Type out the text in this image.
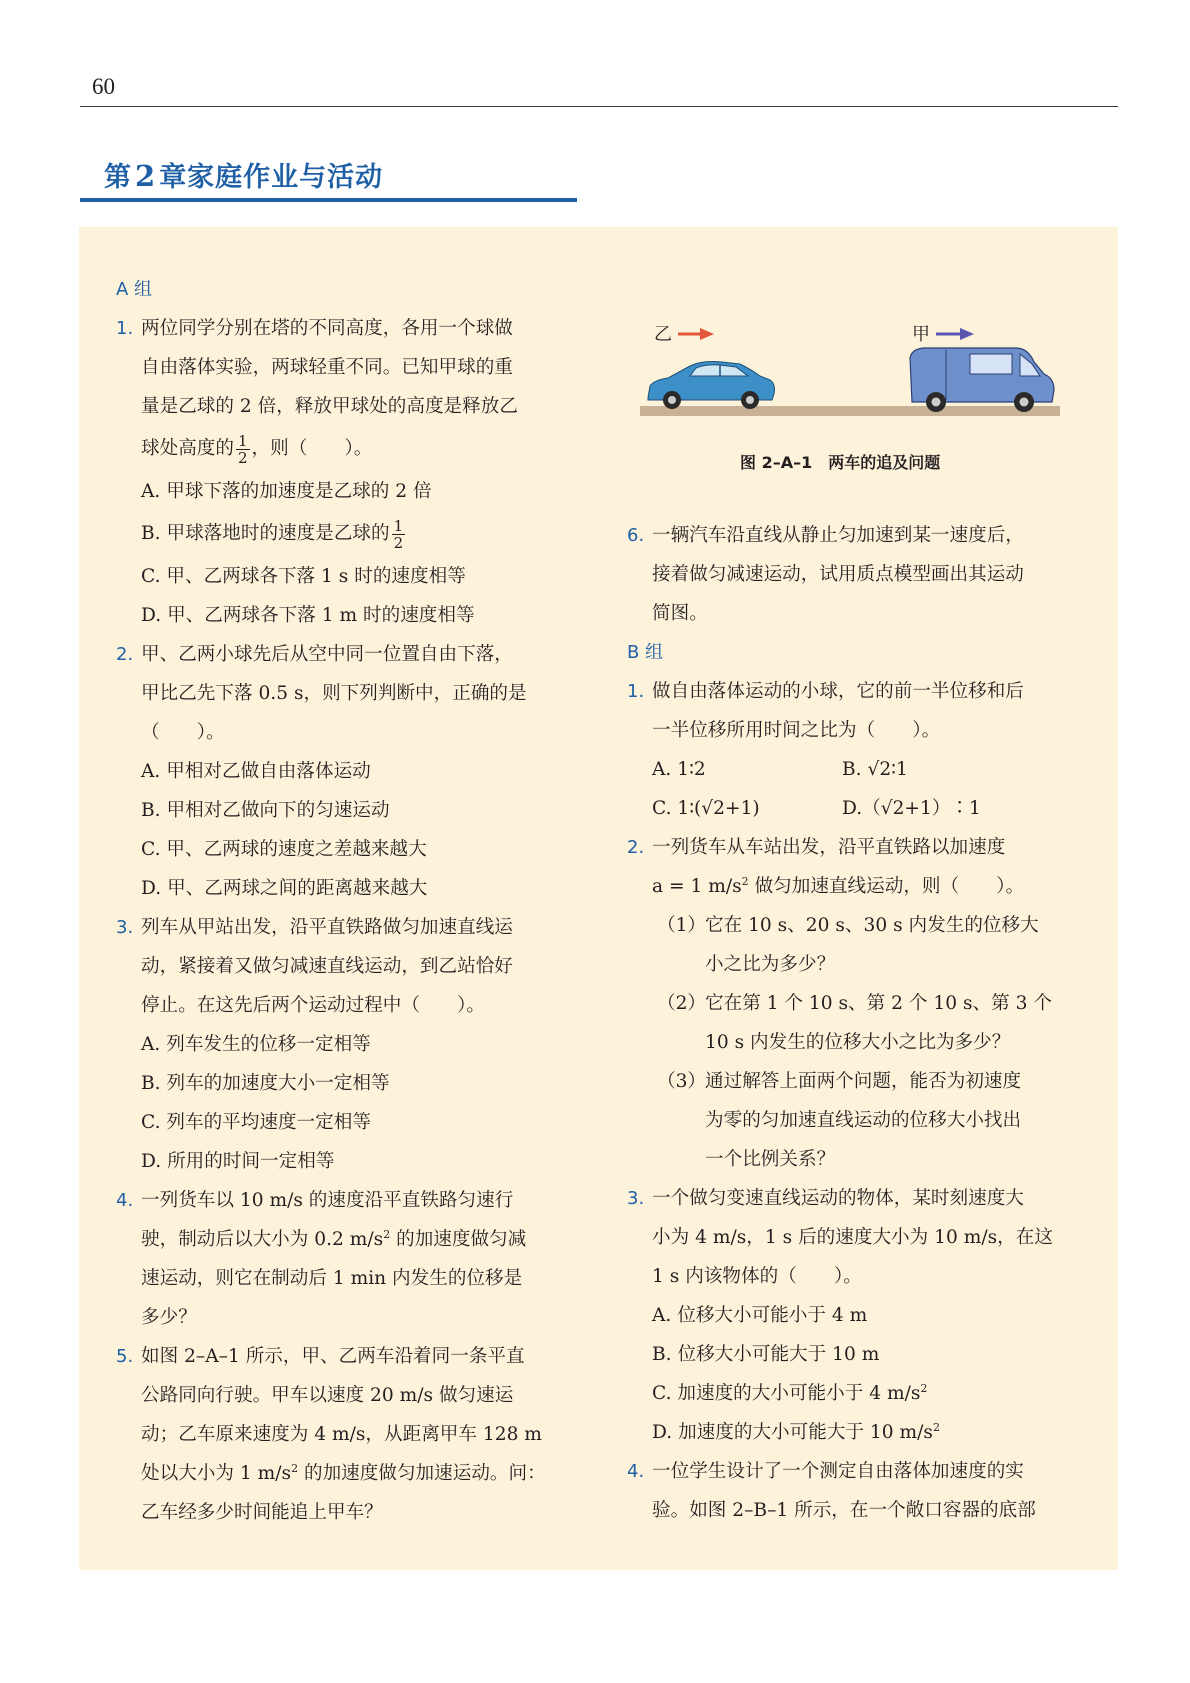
60
第 2 章家庭作业与活动
A 组
1. 两位同学分别在塔的不同高度，各用一个球做
自由落体实验，两球轻重不同。已知甲球的重
量是乙球的 2 倍，释放甲球处的高度是释放乙
球处高度的 $\frac{1}{2}$ ，则（　　）。
A. 甲球下落的加速度是乙球的 2 倍
B. 甲球落地时的速度是乙球的 $\frac{1}{2}$
C. 甲、乙两球各下落 1 s 时的速度相等
D. 甲、乙两球各下落 1 m 时的速度相等
2. 甲、乙两小球先后从空中同一位置自由下落，
甲比乙先下落 0.5 s，则下列判断中，正确的是
（　　）。
A. 甲相对乙做自由落体运动
B. 甲相对乙做向下的匀速运动
C. 甲、乙两球的速度之差越来越大
D. 甲、乙两球之间的距离越来越大
3. 列车从甲站出发，沿平直铁路做匀加速直线运
动，紧接着又做匀减速直线运动，到乙站恰好
停止。在这先后两个运动过程中（　　）。
A. 列车发生的位移一定相等
B. 列车的加速度大小一定相等
C. 列车的平均速度一定相等
D. 所用的时间一定相等
4. 一列货车以 10 m/s 的速度沿平直铁路匀速行
驶，制动后以大小为 0.2 $m/s^2$ 的加速度做匀减
速运动，则它在制动后 1 min 内发生的位移是
多少？
5. 如图 2–A–1 所示，甲、乙两车沿着同一条平直
公路同向行驶。甲车以速度 20 m/s 做匀速运
动；乙车原来速度为 4 m/s，从距离甲车 128 m
处以大小为 1 $m/s^2$ 的加速度做匀加速运动。问：
乙车经多少时间能追上甲车？
乙	甲
图 2–A–1 两车的追及问题
6. 一辆汽车沿直线从静止匀加速到某一速度后，
接着做匀减速运动，试用质点模型画出其运动
简图。
B 组
1. 做自由落体运动的小球，它的前一半位移和后
一半位移所用时间之比为（　　）。
A. 1∶2	B. √2∶1
C. 1∶(√2+1)	D.（√2+1）∶1
2. 一列货车从车站出发，沿平直铁路以加速度
a = 1 $m/s^2$ 做匀加速直线运动，则（　　）。
（1）
它在 10 s、20 s、30 s 内发生的位移大
小之比为多少？
（2）
它在第 1 个 10 s、第 2 个 10 s、第 3 个
10 s 内发生的位移大小之比为多少？
（3）
通过解答上面两个问题，能否为初速度
为零的匀加速直线运动的位移大小找出
一个比例关系？
3. 一个做匀变速直线运动的物体，某时刻速度大
小为 4 m/s，1 s 后的速度大小为 10 m/s，在这
1 s 内该物体的（　　）。
A. 位移大小可能小于 4 m
B. 位移大小可能大于 10 m
C. 加速度的大小可能小于 4 $m/s^2$
D. 加速度的大小可能大于 10 $m/s^2$
4. 一位学生设计了一个测定自由落体加速度的实
验。如图 2–B–1 所示，在一个敞口容器的底部
